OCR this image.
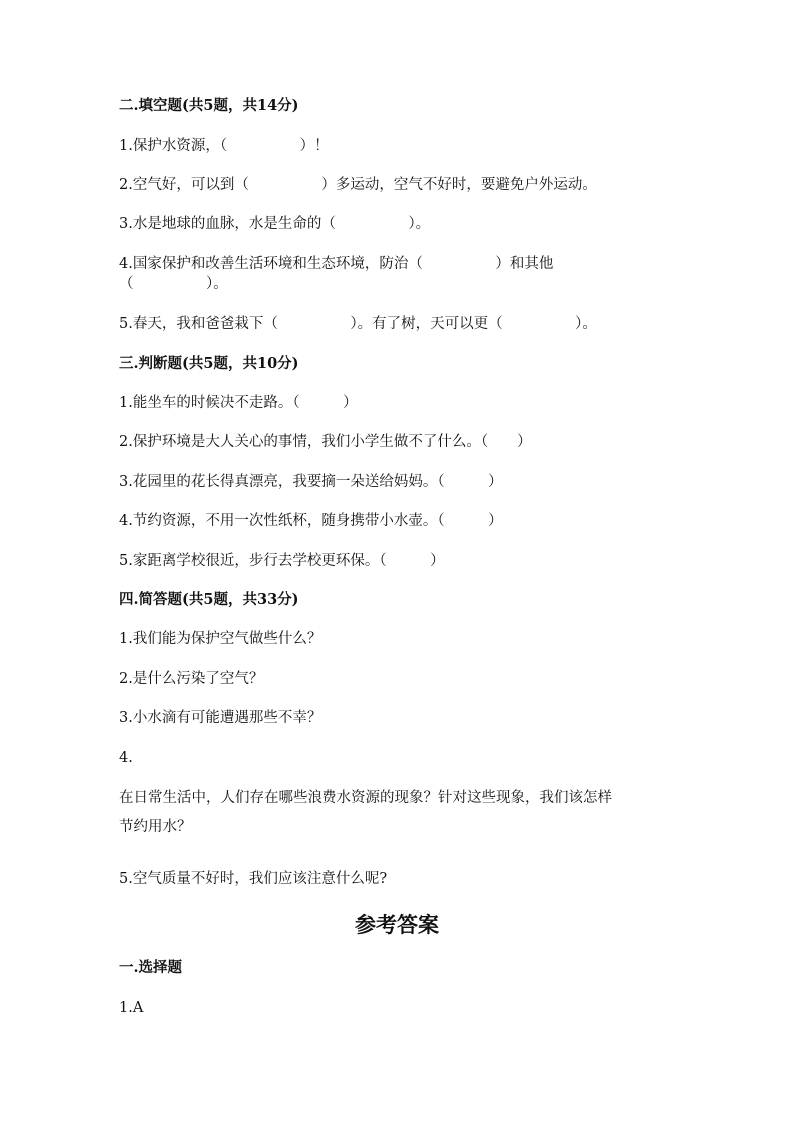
二.填空题(共5题，共14分)
1.保护水资源，（　　　　　）！
2.空气好，可以到（　　　　　）多运动，空气不好时，要避免户外运动。
3.水是地球的血脉，水是生命的（　　　　　）。
4.国家保护和改善生活环境和生态环境，防治（　　　　　）和其他
（　　　　　）。
5.春天，我和爸爸栽下（　　　　　）。有了树，天可以更（　　　　　）。
三.判断题(共5题，共10分)
1.能坐车的时候决不走路。（　　　）
2.保护环境是大人关心的事情，我们小学生做不了什么。（　　）
3.花园里的花长得真漂亮，我要摘一朵送给妈妈。（　　　）
4.节约资源，不用一次性纸杯，随身携带小水壶。（　　　）
5.家距离学校很近，步行去学校更环保。（　　　）
四.简答题(共5题，共33分)
1.我们能为保护空气做些什么？
2.是什么污染了空气？
3.小水滴有可能遭遇那些不幸？
4.
在日常生活中，人们存在哪些浪费水资源的现象？针对这些现象，我们该怎样
节约用水？
5.空气质量不好时，我们应该注意什么呢?
参考答案
一.选择题
1.A
